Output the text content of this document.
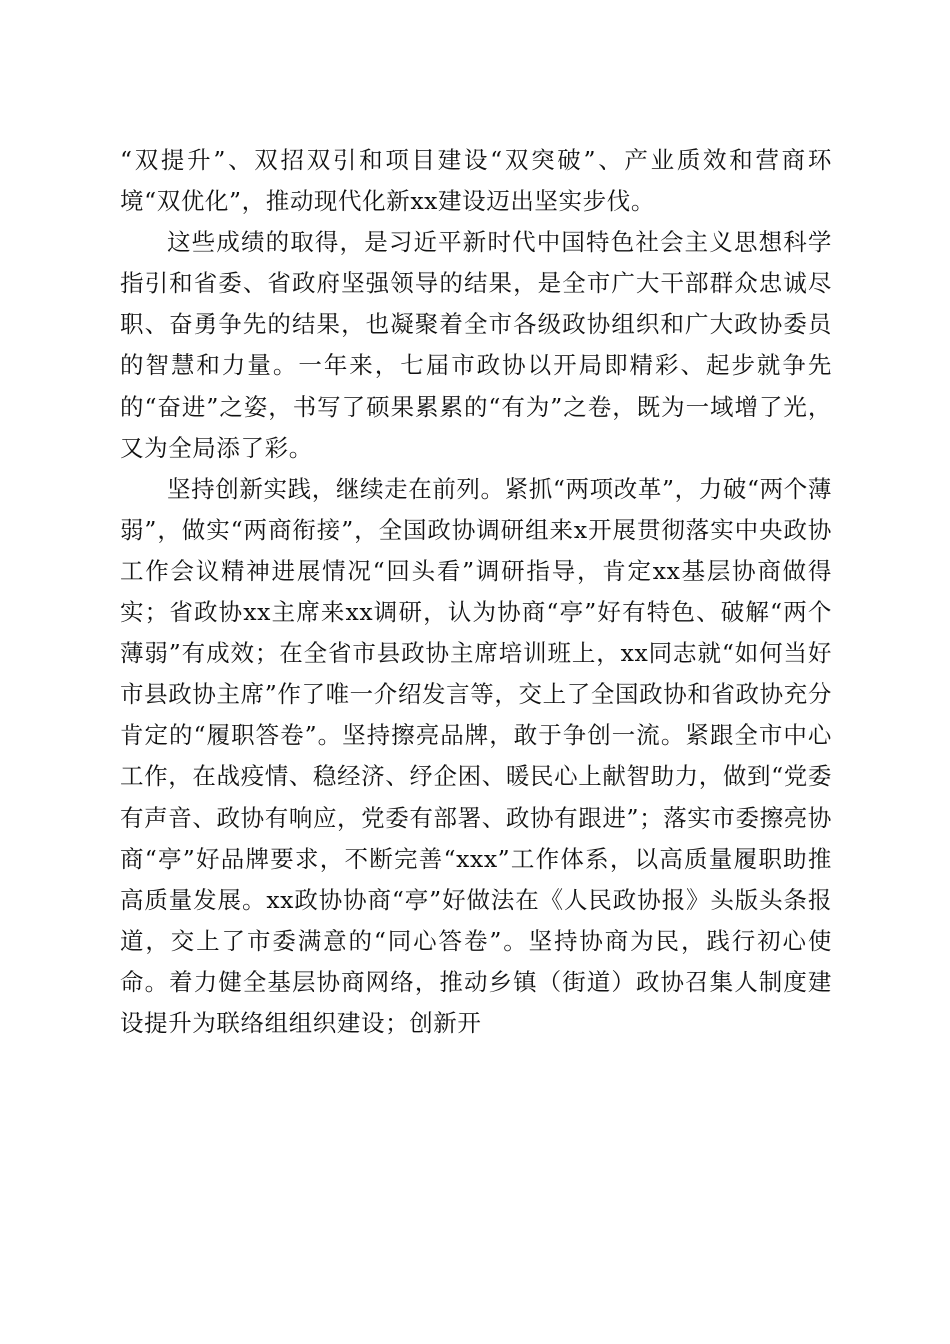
“双提升”、双招双引和项目建设“双突破”、产业质效和营商环境“双优化”，推动现代化新xx建设迈出坚实步伐。

这些成绩的取得，是习近平新时代中国特色社会主义思想科学指引和省委、省政府坚强领导的结果，是全市广大干部群众忠诚尽职、奋勇争先的结果，也凝聚着全市各级政协组织和广大政协委员的智慧和力量。一年来，七届市政协以开局即精彩、起步就争先的“奋进”之姿，书写了硕果累累的“有为”之卷，既为一域增了光，又为全局添了彩。

坚持创新实践，继续走在前列。紧抓“两项改革”，力破“两个薄弱”，做实“两商衔接”，全国政协调研组来x开展贯彻落实中央政协工作会议精神进展情况“回头看”调研指导，肯定xx基层协商做得实；省政协xx主席来xx调研，认为协商“亭”好有特色、破解“两个薄弱”有成效；在全省市县政协主席培训班上，xx同志就“如何当好市县政协主席”作了唯一介绍发言等，交上了全国政协和省政协充分肯定的“履职答卷”。坚持擦亮品牌，敢于争创一流。紧跟全市中心工作，在战疫情、稳经济、纾企困、暖民心上献智助力，做到“党委有声音、政协有响应，党委有部署、政协有跟进”；落实市委擦亮协商“亭”好品牌要求，不断完善“xxx”工作体系，以高质量履职助推高质量发展。xx政协协商“亭”好做法在《人民政协报》头版头条报道，交上了市委满意的“同心答卷”。坚持协商为民，践行初心使命。着力健全基层协商网络，推动乡镇（街道）政协召集人制度建设提升为联络组组织建设；创新开
